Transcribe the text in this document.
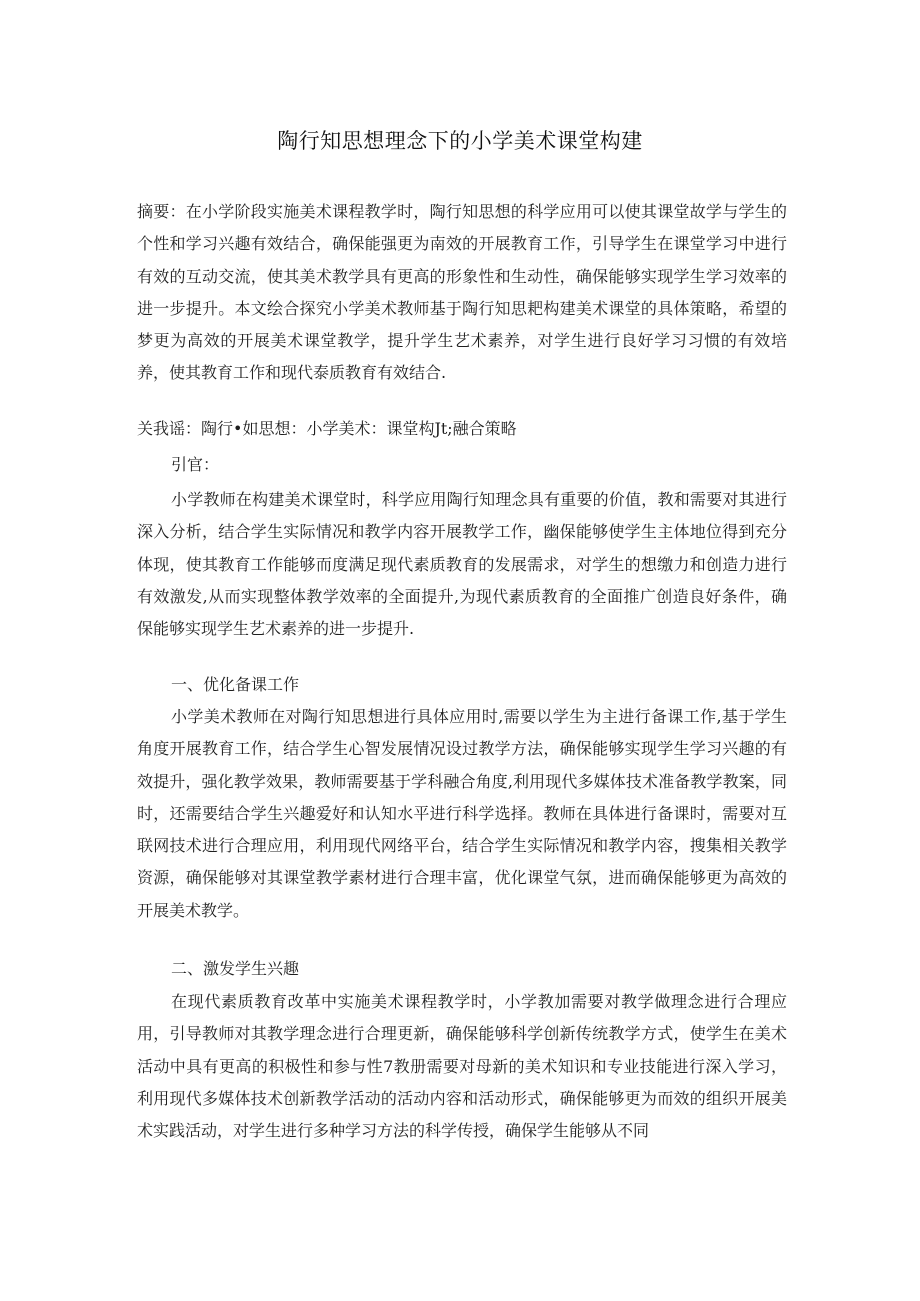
陶行知思想理念下的小学美术课堂构建

摘要：在小学阶段实施美术课程教学时，陶行知思想的科学应用可以使其课堂故学与学生的个性和学习兴趣有效结合，确保能强更为南效的开展教育工作，引导学生在课堂学习中进行有效的互动交流，使其美术教学具有更高的形象性和生动性，确保能够实现学生学习效率的进一步提升。本文绘合探究小学美术教师基于陶行知思耙构建美术课堂的具体策略，希望的梦更为高效的开展美术课堂教学，提升学生艺术素养，对学生进行良好学习习惯的有效培养，使其教育工作和现代泰质教育有效结合.

关我谣：陶行•如思想：小学美术：课堂构Jt;融合策略

引官：

小学教师在构建美术课堂时，科学应用陶行知理念具有重要的价值，教和需要对其进行深入分析，结合学生实际情况和教学内容开展教学工作，幽保能够使学生主体地位得到充分体现，使其教育工作能够而度满足现代素质教育的发展需求，对学生的想缴力和创造力进行有效激发,从而实现整体教学效率的全面提升,为现代素质教育的全面推广创造良好条件，确保能够实现学生艺术素养的进一步提升.

一、优化备课工作

小学美术教师在对陶行知思想进行具体应用时,需要以学生为主进行备课工作,基于学生角度开展教育工作，结合学生心智发展情况设过教学方法，确保能够实现学生学习兴趣的有效提升，强化教学效果，教师需要基于学科融合角度,利用现代多媒体技术准备教学教案，同时，还需要结合学生兴趣爱好和认知水平进行科学选择。教师在具体进行备课时，需要对互联网技术进行合理应用，利用现代网络平台，结合学生实际情况和教学内容，搜集相关教学资源，确保能够对其课堂教学素材进行合理丰富，优化课堂气氛，进而确保能够更为高效的开展美术教学。

二、激发学生兴趣

在现代素质教育改革中实施美术课程教学时，小学教加需要对教学做理念进行合理应用，引导教师对其教学理念进行合理更新，确保能够科学创新传统教学方式，使学生在美术活动中具有更高的积极性和参与性7教册需要对母新的美术知识和专业技能进行深入学习，利用现代多媒体技术创新教学活动的活动内容和活动形式，确保能够更为而效的组织开展美术实践活动，对学生进行多种学习方法的科学传授，确保学生能够从不同
